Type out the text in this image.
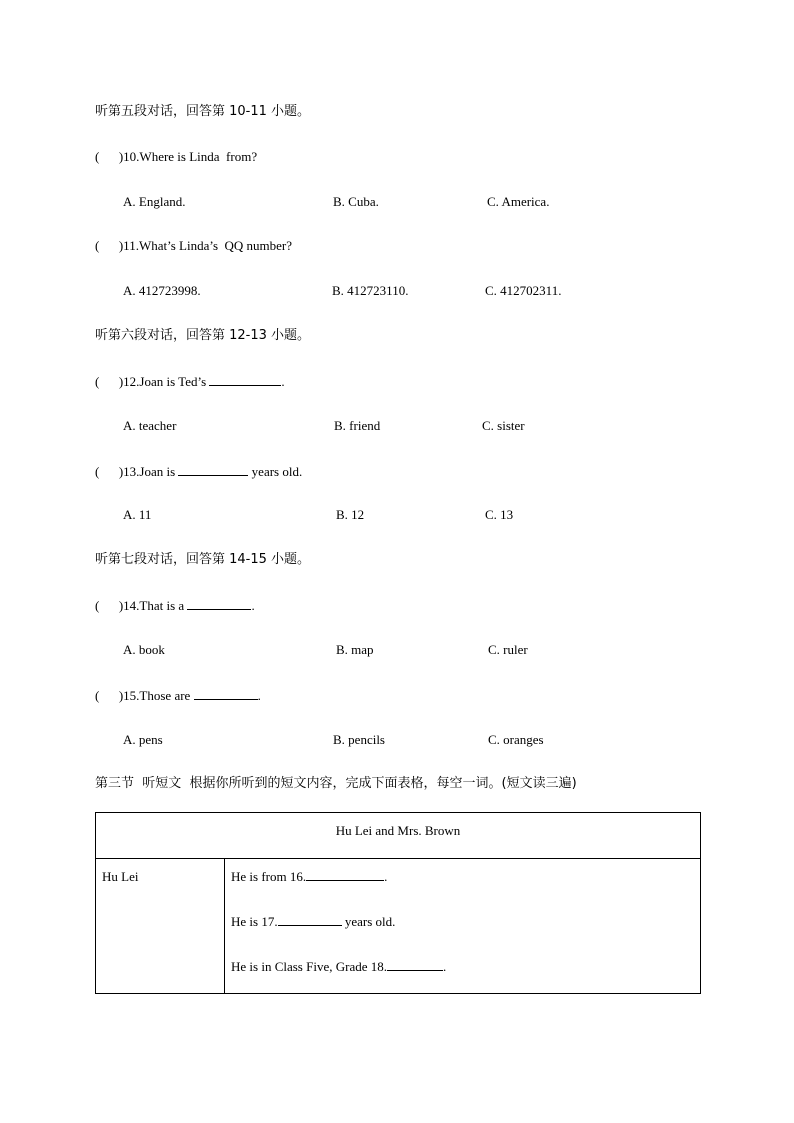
听第五段对话，回答第 10-11 小题。
(      )10.Where is Linda  from?
A. England.	B. Cuba.	C. America.
(      )11.What’s Linda’s  QQ number?
A. 412723998.	B. 412723110.	C. 412702311.
听第六段对话，回答第 12-13 小题。
(      )12.Joan is Ted’s	.
A. teacher	B. friend	C. sister
(      )13.Joan is	years old.
A. 11	B. 12	C. 13
听第七段对话，回答第 14-15 小题。
(      )14.That is a	.
A. book	B. map	C. ruler
(      )15.Those are	.
A. pens	B. pencils	C. oranges
第三节  听短文  根据你所听到的短文内容，完成下面表格，每空一词。(短文读三遍)
Hu Lei and Mrs. Brown

Hu Lei	He is from 16.	.
He is 17.	years old.
He is in Class Five, Grade 18.	.
